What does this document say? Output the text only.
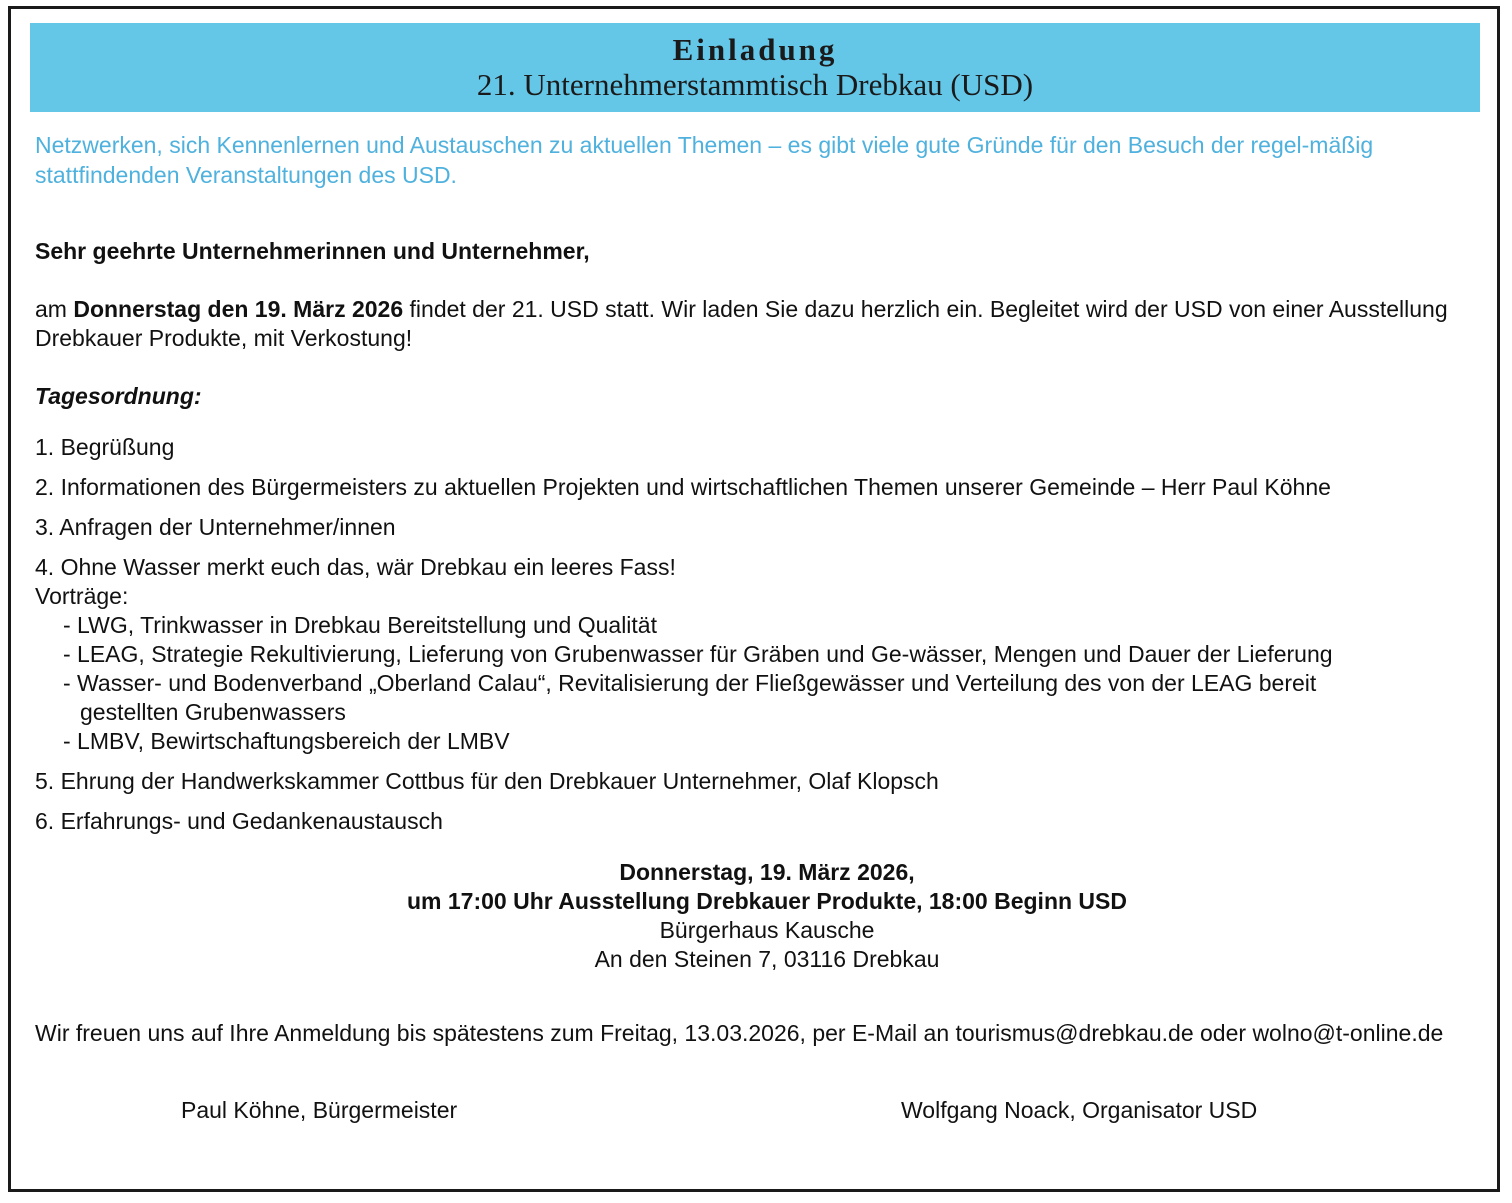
Einladung
21. Unternehmerstammtisch Drebkau (USD)
Netzwerken, sich Kennenlernen und Austauschen zu aktuellen Themen – es gibt viele gute Gründe für den Besuch der regel-mäßig stattfindenden Veranstaltungen des USD.
Sehr geehrte Unternehmerinnen und Unternehmer,
am Donnerstag den 19. März 2026 findet der 21. USD statt. Wir laden Sie dazu herzlich ein. Begleitet wird der USD von einer Ausstellung Drebkauer Produkte, mit Verkostung!
Tagesordnung:
1. Begrüßung
2. Informationen des Bürgermeisters zu aktuellen Projekten und wirtschaftlichen Themen unserer Gemeinde – Herr Paul Köhne
3. Anfragen der Unternehmer/innen
4. Ohne Wasser merkt euch das, wär Drebkau ein leeres Fass!
Vorträge:
- LWG, Trinkwasser in Drebkau Bereitstellung und Qualität
- LEAG, Strategie Rekultivierung, Lieferung von Grubenwasser für Gräben und Ge-wässer, Mengen und Dauer der Lieferung
- Wasser- und Bodenverband „Oberland Calau“, Revitalisierung der Fließgewässer und Verteilung des von der LEAG bereit
gestellten Grubenwassers
- LMBV, Bewirtschaftungsbereich der LMBV
5. Ehrung der Handwerkskammer Cottbus für den Drebkauer Unternehmer, Olaf Klopsch
6. Erfahrungs- und Gedankenaustausch
Donnerstag, 19. März 2026,
um 17:00 Uhr Ausstellung Drebkauer Produkte, 18:00 Beginn USD
Bürgerhaus Kausche
An den Steinen 7, 03116 Drebkau
Wir freuen uns auf Ihre Anmeldung bis spätestens zum Freitag, 13.03.2026, per E-Mail an tourismus@drebkau.de oder wolno@t-online.de
Paul Köhne, Bürgermeister	Wolfgang Noack, Organisator USD
